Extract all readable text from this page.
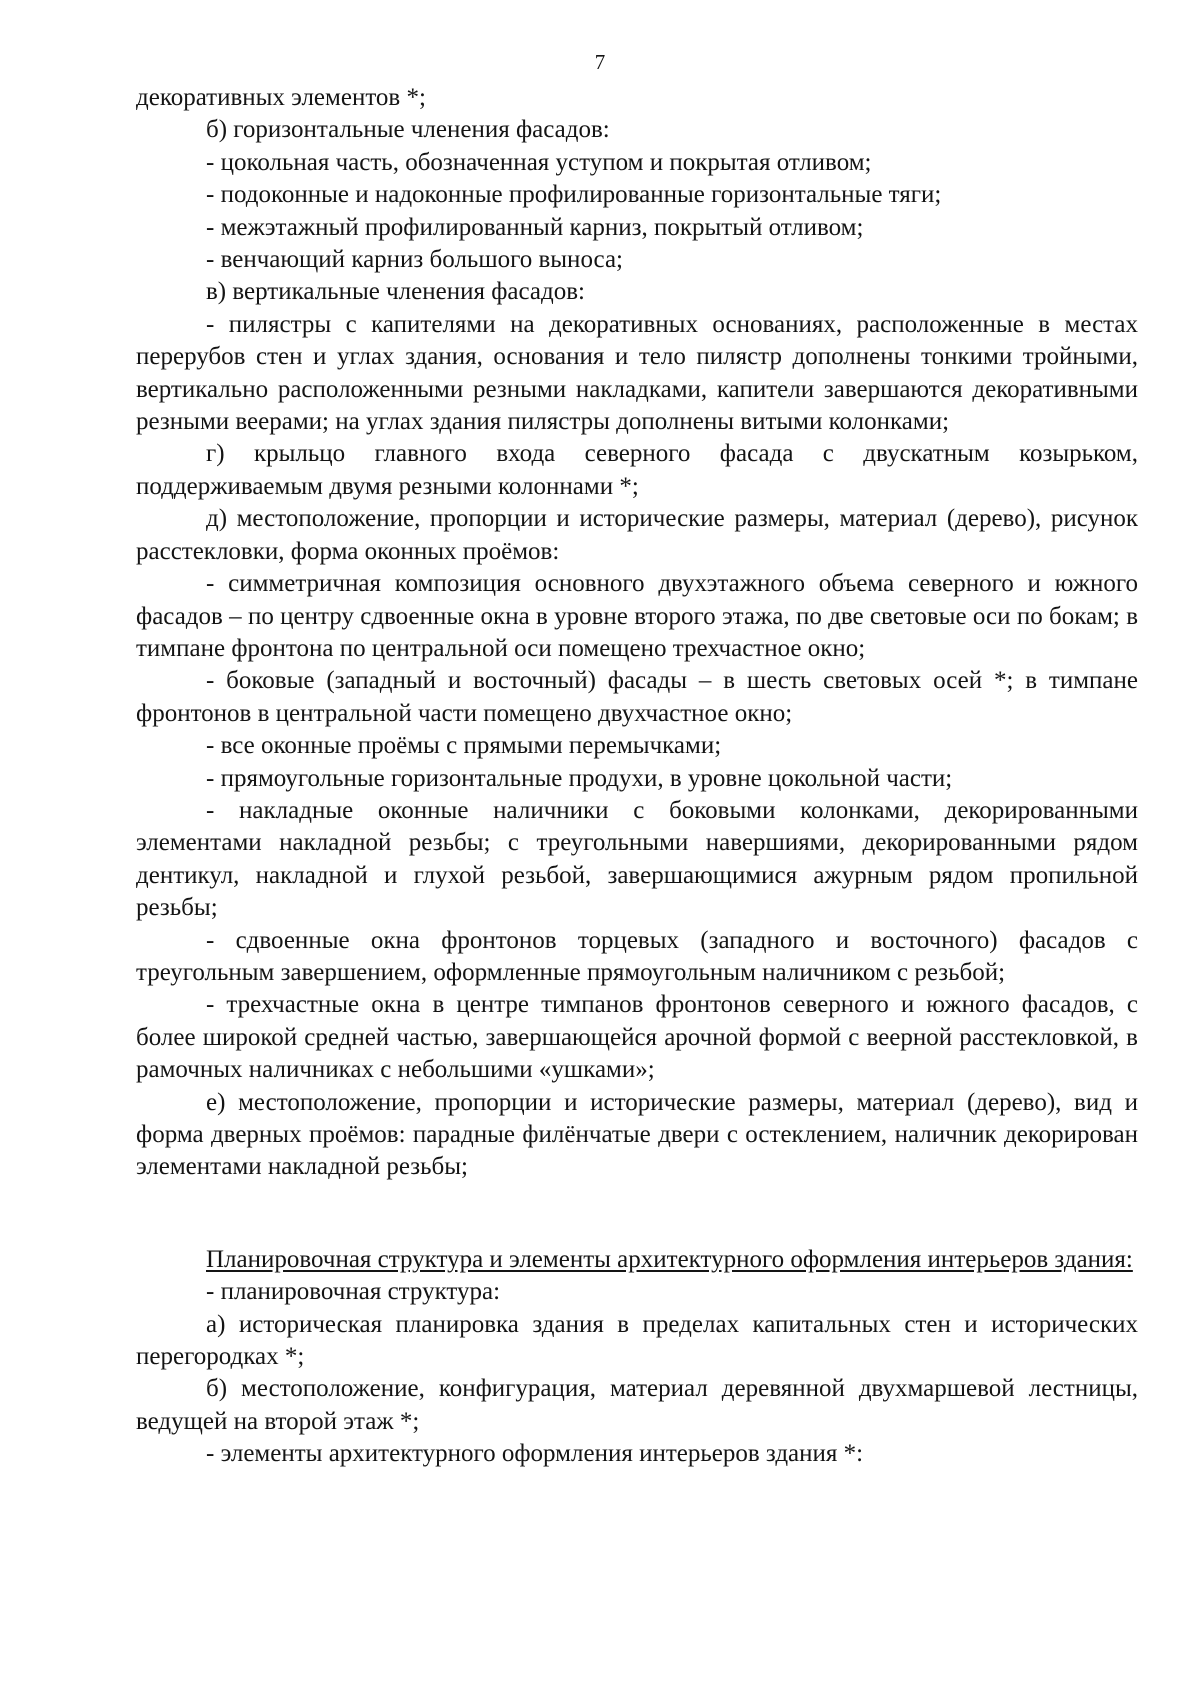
7

декоративных элементов *;

б) горизонтальные членения фасадов:

- цокольная часть, обозначенная уступом и покрытая отливом;

- подоконные и надоконные профилированные горизонтальные тяги;

- межэтажный профилированный карниз, покрытый отливом;

- венчающий карниз большого выноса;

в) вертикальные членения фасадов:

- пилястры с капителями на декоративных основаниях, расположенные в местах перерубов стен и углах здания, основания и тело пилястр дополнены тонкими тройными, вертикально расположенными резными накладками, капители завершаются декоративными резными веерами; на углах здания пилястры дополнены витыми колонками;

г) крыльцо главного входа северного фасада с двускатным козырьком, поддерживаемым двумя резными колоннами *;

д) местоположение, пропорции и исторические размеры, материал (дерево), рисунок расстекловки, форма оконных проёмов:

- симметричная композиция основного двухэтажного объема северного и южного фасадов – по центру сдвоенные окна в уровне второго этажа, по две световые оси по бокам; в тимпане фронтона по центральной оси помещено трехчастное окно;

- боковые (западный и восточный) фасады – в шесть световых осей *; в тимпане фронтонов в центральной части помещено двухчастное окно;

- все оконные проёмы с прямыми перемычками;

- прямоугольные горизонтальные продухи, в уровне цокольной части;

- накладные оконные наличники с боковыми колонками, декорированными элементами накладной резьбы; с треугольными навершиями, декорированными рядом дентикул, накладной и глухой резьбой, завершающимися ажурным рядом пропильной резьбы;

- сдвоенные окна фронтонов торцевых (западного и восточного) фасадов с треугольным завершением, оформленные прямоугольным наличником с резьбой;

- трехчастные окна в центре тимпанов фронтонов северного и южного фасадов, с более широкой средней частью, завершающейся арочной формой с веерной расстекловкой, в рамочных наличниках с небольшими «ушками»;

е) местоположение, пропорции и исторические размеры, материал (дерево), вид и форма дверных проёмов: парадные филёнчатые двери с остеклением, наличник декорирован элементами накладной резьбы;

Планировочная структура и элементы архитектурного оформления интерьеров здания:

- планировочная структура:

а) историческая планировка здания в пределах капитальных стен и исторических перегородках *;

б) местоположение, конфигурация, материал деревянной двухмаршевой лестницы, ведущей на второй этаж *;

- элементы архитектурного оформления интерьеров здания *:
